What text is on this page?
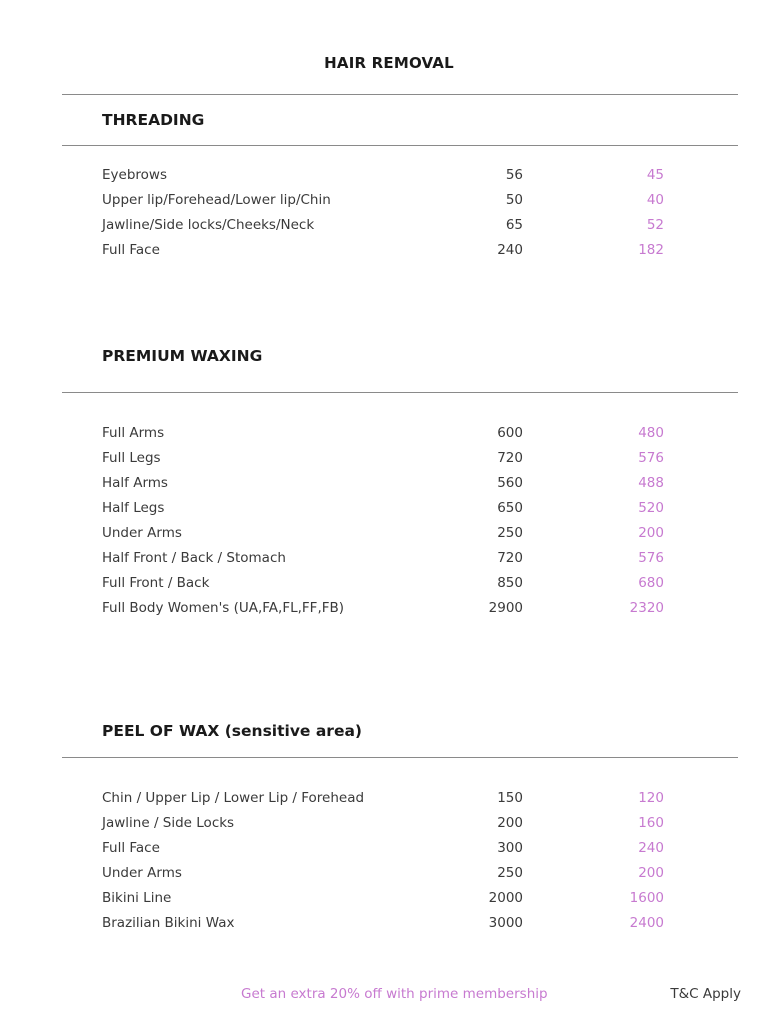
HAIR REMOVAL
THREADING
Eyebrows	56	45
Upper lip/Forehead/Lower lip/Chin	50	40
Jawline/Side locks/Cheeks/Neck	65	52
Full Face	240	182
PREMIUM WAXING
Full Arms	600	480
Full Legs	720	576
Half Arms	560	488
Half Legs	650	520
Under Arms	250	200
Half Front / Back / Stomach	720	576
Full Front / Back	850	680
Full Body Women's (UA,FA,FL,FF,FB)	2900	2320
PEEL OF WAX (sensitive area)
Chin / Upper Lip / Lower Lip / Forehead	150	120
Jawline / Side Locks	200	160
Full Face	300	240
Under Arms	250	200
Bikini Line	2000	1600
Brazilian Bikini Wax	3000	2400
Get an extra 20% off with prime membership	T&C Apply
